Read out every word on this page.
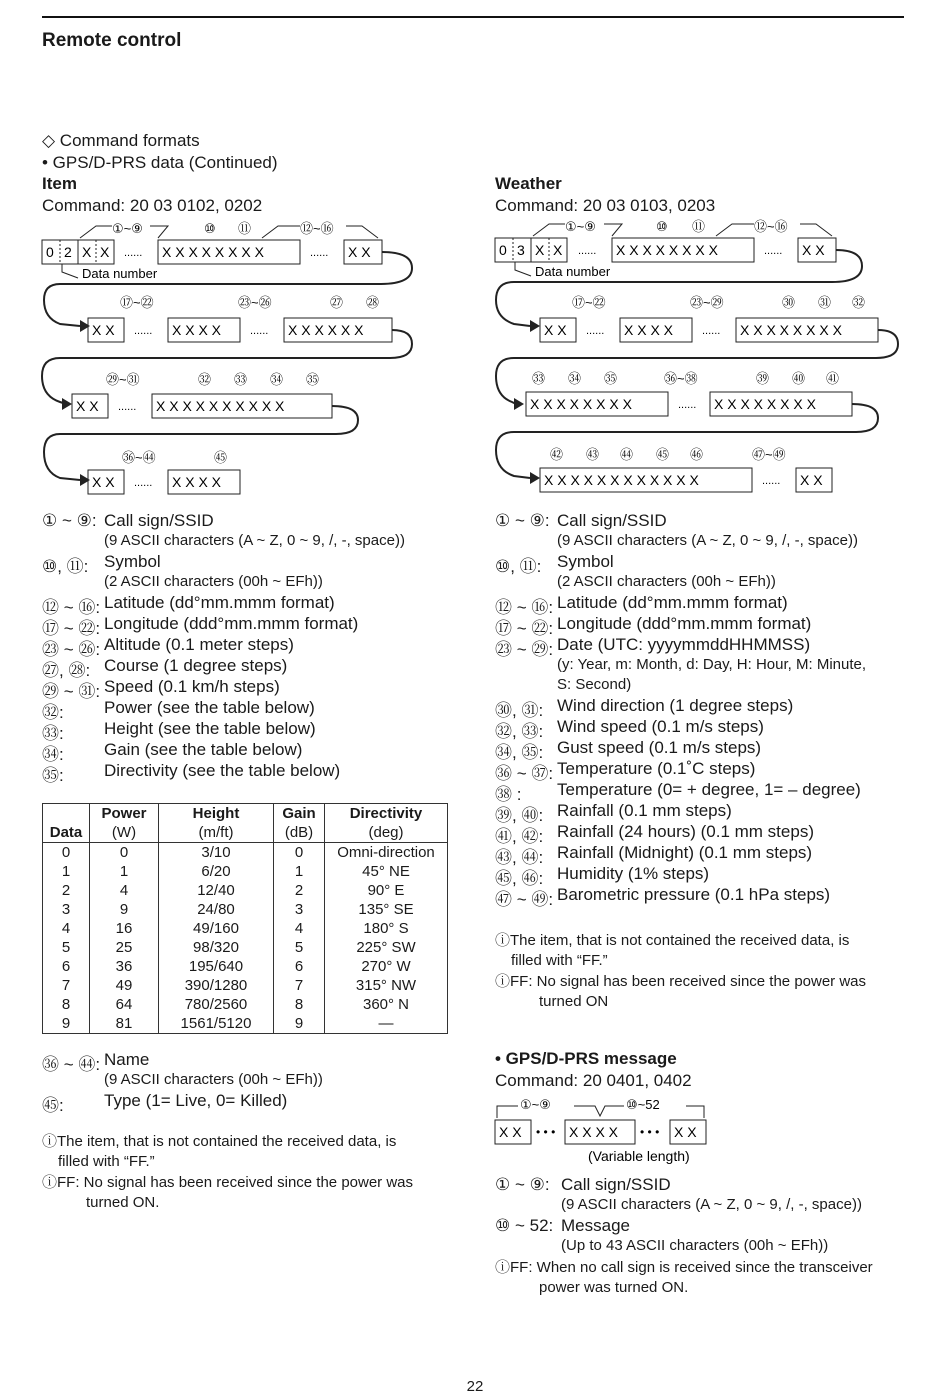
Remote control
◇ Command formats
• GPS/D-PRS data (Continued)
Item
Command: 20 03 0102, 0202
0 2 X X ...... X X X X X X X X	...... X X
Data number
①~⑨	⑩ ⑪	⑫~⑯
X X ...... X X X X	...... X X X X X X
⑰~㉒	㉓~㉖	㉗ ㉘
X X ...... X X X X X X X X X X
㉙~㉛	㉜ ㉝ ㉞ ㉟
X X ...... X X X X
㊱~㊹	㊺
0 3 X X ...... X X X X X X X X	...... X X
Data number
①~⑨	⑩ ⑪	⑫~⑯
X X ...... X X X X	...... X X X X X X X X
⑰~㉒	㉓~㉙	㉚ ㉛ ㉜
X X X X X X X X	...... X X X X X X X X
㉝ ㉞ ㉟	㊱~㊳	㊴ ㊵ ㊶
X X X X X X X X X X X X	...... X X
㊷ ㊸ ㊹ ㊺ ㊻	㊼~㊾
X X • • • X X X X • • • X X
①~⑨	⑩~52
(Variable length)
① ~ ⑨: Call sign/SSID
(9 ASCII characters (A ~ Z, 0 ~ 9, /, -, space))
⑩, ⑪: Symbol
(2 ASCII characters (00h ~ EFh))
⑫ ~ ⑯: Latitude (dd°mm.mmm format)
⑰ ~ ㉒: Longitude (ddd°mm.mmm format)
㉓ ~ ㉖: Altitude (0.1 meter steps)
㉗, ㉘: Course (1 degree steps)
㉙ ~ ㉛: Speed (0.1 km/h steps)
㉜: Power (see the table below)
㉝: Height (see the table below)
㉞: Gain (see the table below)
㉟: Directivity (see the table below)
	Power	Height	Gain	Directivity
Data	(W)	(m/ft)	(dB)	(deg)
0	0	3/10	0	Omni-direction
1	1	6/20	1	45° NE
2	4	12/40	2	90° E
3	9	24/80	3	135° SE
4	16	49/160	4	180° S
5	25	98/320	5	225° SW
6	36	195/640	6	270° W
7	49	390/1280	7	315° NW
8	64	780/2560	8	360° N
9	81	1561/5120	9	—
㊱ ~ ㊹: Name
(9 ASCII characters (00h ~ EFh))
㊺: Type (1= Live, 0= Killed)
ⓘThe item, that is not contained the received data, is
filled with “FF.”
ⓘFF: No signal has been received since the power was
turned ON.
Weather
Command: 20 03 0103, 0203
① ~ ⑨: Call sign/SSID
(9 ASCII characters (A ~ Z, 0 ~ 9, /, -, space))
⑩, ⑪: Symbol
(2 ASCII characters (00h ~ EFh))
⑫ ~ ⑯: Latitude (dd°mm.mmm format)
⑰ ~ ㉒: Longitude (ddd°mm.mmm format)
㉓ ~ ㉙: Date (UTC: yyyymmddHHMMSS)
(y: Year, m: Month, d: Day, H: Hour, M: Minute,
S: Second)
㉚, ㉛: Wind direction (1 degree steps)
㉜, ㉝: Wind speed (0.1 m/s steps)
㉞, ㉟: Gust speed (0.1 m/s steps)
㊱ ~ ㊲: Temperature (0.1˚C steps)
㊳ : Temperature (0= + degree, 1= – degree)
㊴, ㊵: Rainfall (0.1 mm steps)
㊶, ㊷: Rainfall (24 hours) (0.1 mm steps)
㊸, ㊹: Rainfall (Midnight) (0.1 mm steps)
㊺, ㊻: Humidity (1% steps)
㊼ ~ ㊾: Barometric pressure (0.1 hPa steps)
ⓘThe item, that is not contained the received data, is
filled with “FF.”
ⓘFF: No signal has been received since the power was
turned ON
• GPS/D-PRS message
Command: 20 0401, 0402
① ~ ⑨: Call sign/SSID
(9 ASCII characters (A ~ Z, 0 ~ 9, /, -, space))
⑩ ~ 52: Message
(Up to 43 ASCII characters (00h ~ EFh))
ⓘFF: When no call sign is received since the transceiver
power was turned ON.
22
